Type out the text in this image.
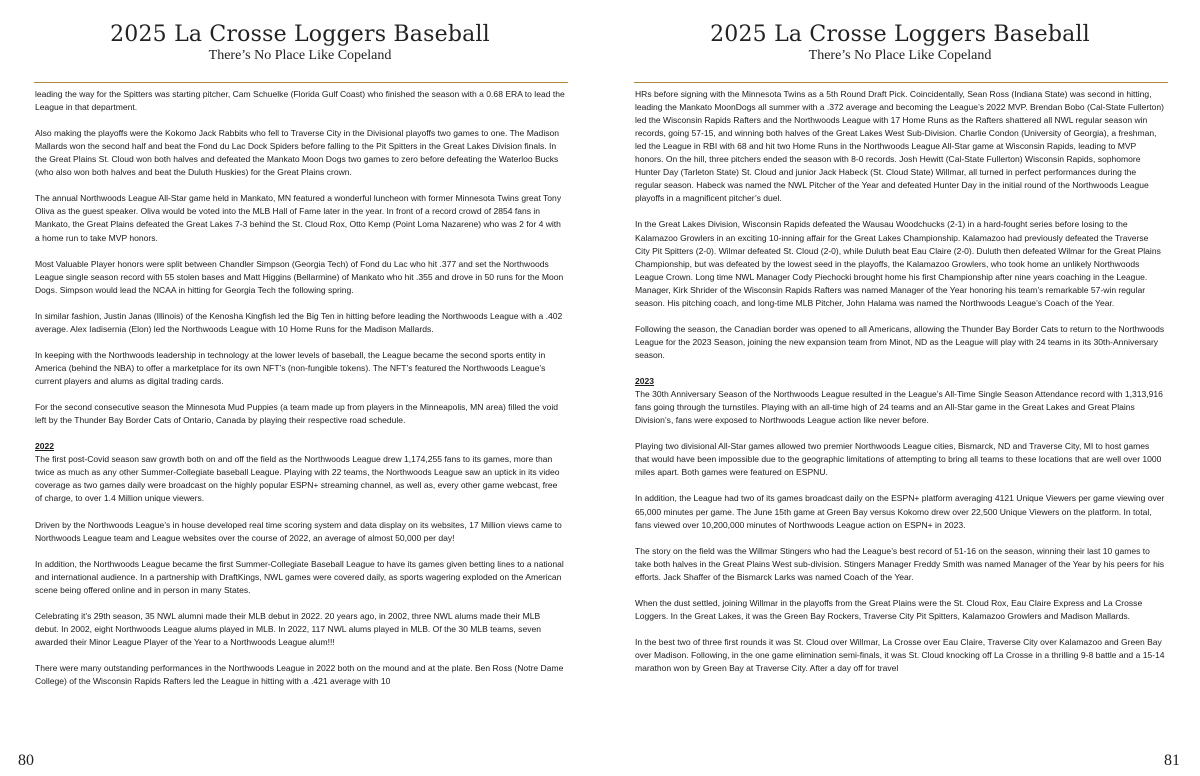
2025 La Crosse Loggers Baseball
There’s No Place Like Copeland

leading the way for the Spitters was starting pitcher, Cam Schuelke (Florida Gulf Coast) who finished the season with a 0.68 ERA to lead the League in that department.

Also making the playoffs were the Kokomo Jack Rabbits who fell to Traverse City in the Divisional playoffs two games to one. The Madison Mallards won the second half and beat the Fond du Lac Dock Spiders before falling to the Pit Spitters in the Great Lakes Division finals. In the Great Plains St. Cloud won both halves and defeated the Mankato Moon Dogs two games to zero before defeating the Waterloo Bucks (who also won both halves and beat the Duluth Huskies) for the Great Plains crown.

The annual Northwoods League All-Star game held in Mankato, MN featured a wonderful luncheon with former Minnesota Twins great Tony Oliva as the guest speaker. Oliva would be voted into the MLB Hall of Fame later in the year. In front of a record crowd of 2854 fans in Mankato, the Great Plains defeated the Great Lakes 7-3 behind the St. Cloud Rox, Otto Kemp (Point Loma Nazarene) who was 2 for 4 with a home run to take MVP honors.

Most Valuable Player honors were split between Chandler Simpson (Georgia Tech) of Fond du Lac who hit .377 and set the Northwoods League single season record with 55 stolen bases and Matt Higgins (Bellarmine) of Mankato who hit .355 and drove in 50 runs for the Moon Dogs. Simpson would lead the NCAA in hitting for Georgia Tech the following spring.

In similar fashion, Justin Janas (Illinois) of the Kenosha Kingfish led the Big Ten in hitting before leading the Northwoods League with a .402 average. Alex Iadisernia (Elon) led the Northwoods League with 10 Home Runs for the Madison Mallards.

In keeping with the Northwoods leadership in technology at the lower levels of baseball, the League became the second sports entity in America (behind the NBA) to offer a marketplace for its own NFT’s (non-fungible tokens). The NFT’s featured the Northwoods League’s current players and alums as digital trading cards.

For the second consecutive season the Minnesota Mud Puppies (a team made up from players in the Minneapolis, MN area) filled the void left by the Thunder Bay Border Cats of Ontario, Canada by playing their respective road schedule.

2022

The first post-Covid season saw growth both on and off the field as the Northwoods League drew 1,174,255 fans to its games, more than twice as much as any other Summer-Collegiate baseball League. Playing with 22 teams, the Northwoods League saw an uptick in its video coverage as two games daily were broadcast on the highly popular ESPN+ streaming channel, as well as, every other game webcast, free of charge, to over 1.4 Million unique viewers.

Driven by the Northwoods League’s in house developed real time scoring system and data display on its websites, 17 Million views came to Northwoods League team and League websites over the course of 2022, an average of almost 50,000 per day!

In addition, the Northwoods League became the first Summer-Collegiate Baseball League to have its games given betting lines to a national and international audience. In a partnership with DraftKings, NWL games were covered daily, as sports wagering exploded on the American scene being offered online and in person in many States.

Celebrating it’s 29th season, 35 NWL alumni made their MLB debut in 2022. 20 years ago, in 2002, three NWL alums made their MLB debut. In 2002, eight Northwoods League alums played in MLB. In 2022, 117 NWL alums played in MLB. Of the 30 MLB teams, seven awarded their Minor League Player of the Year to a Northwoods League alum!!!

There were many outstanding performances in the Northwoods League in 2022 both on the mound and at the plate. Ben Ross (Notre Dame College) of the Wisconsin Rapids Rafters led the League in hitting with a .421 average with 10

80
2025 La Crosse Loggers Baseball
There’s No Place Like Copeland

HRs before signing with the Minnesota Twins as a 5th Round Draft Pick. Coincidentally, Sean Ross (Indiana State) was second in hitting, leading the Mankato MoonDogs all summer with a .372 average and becoming the League’s 2022 MVP. Brendan Bobo (Cal-State Fullerton) led the Wisconsin Rapids Rafters and the Northwoods League with 17 Home Runs as the Rafters shattered all NWL regular season win records, going 57-15, and winning both halves of the Great Lakes West Sub-Division. Charlie Condon (University of Georgia), a freshman, led the League in RBI with 68 and hit two Home Runs in the Northwoods League All-Star game at Wisconsin Rapids, leading to MVP honors. On the hill, three pitchers ended the season with 8-0 records. Josh Hewitt (Cal-State Fullerton) Wisconsin Rapids, sophomore Hunter Day (Tarleton State) St. Cloud and junior Jack Habeck (St. Cloud State) Willmar, all turned in perfect performances during the regular season. Habeck was named the NWL Pitcher of the Year and defeated Hunter Day in the initial round of the Northwoods League playoffs in a magnificent pitcher’s duel.

In the Great Lakes Division, Wisconsin Rapids defeated the Wausau Woodchucks (2-1) in a hard-fought series before losing to the Kalamazoo Growlers in an exciting 10-inning affair for the Great Lakes Championship. Kalamazoo had previously defeated the Traverse City Pit Spitters (2-0). Wilmar defeated St. Cloud (2-0), while Duluth beat Eau Claire (2-0). Duluth then defeated Wilmar for the Great Plains Championship, but was defeated by the lowest seed in the playoffs, the Kalamazoo Growlers, who took home an unlikely Northwoods League Crown. Long time NWL Manager Cody Piechocki brought home his first Championship after nine years coaching in the League. Manager, Kirk Shrider of the Wisconsin Rapids Rafters was named Manager of the Year honoring his team’s remarkable 57-win regular season. His pitching coach, and long-time MLB Pitcher, John Halama was named the Northwoods League’s Coach of the Year.

Following the season, the Canadian border was opened to all Americans, allowing the Thunder Bay Border Cats to return to the Northwoods League for the 2023 Season, joining the new expansion team from Minot, ND as the League will play with 24 teams in its 30th-Anniversary season.

2023

The 30th Anniversary Season of the Northwoods League resulted in the League’s All-Time Single Season Attendance record with 1,313,916 fans going through the turnstiles. Playing with an all-time high of 24 teams and an All-Star game in the Great Lakes and Great Plains Division’s, fans were exposed to Northwoods League action like never before.

Playing two divisional All-Star games allowed two premier Northwoods League cities, Bismarck, ND and Traverse City, MI to host games that would have been impossible due to the geographic limitations of attempting to bring all teams to these locations that are well over 1000 miles apart. Both games were featured on ESPNU.

In addition, the League had two of its games broadcast daily on the ESPN+ platform averaging 4121 Unique Viewers per game viewing over 65,000 minutes per game. The June 15th game at Green Bay versus Kokomo drew over 22,500 Unique Viewers on the platform. In total, fans viewed over 10,200,000 minutes of Northwoods League action on ESPN+ in 2023.

The story on the field was the Willmar Stingers who had the League’s best record of 51-16 on the season, winning their last 10 games to take both halves in the Great Plains West sub-division. Stingers Manager Freddy Smith was named Manager of the Year by his peers for his efforts. Jack Shaffer of the Bismarck Larks was named Coach of the Year.

When the dust settled, joining Willmar in the playoffs from the Great Plains were the St. Cloud Rox, Eau Claire Express and La Crosse Loggers. In the Great Lakes, it was the Green Bay Rockers, Traverse City Pit Spitters, Kalamazoo Growlers and Madison Mallards.

In the best two of three first rounds it was St. Cloud over Willmar, La Crosse over Eau Claire, Traverse City over Kalamazoo and Green Bay over Madison. Following, in the one game elimination semi-finals, it was St. Cloud knocking off La Crosse in a thrilling 9-8 battle and a 15-14 marathon won by Green Bay at Traverse City. After a day off for travel

81
